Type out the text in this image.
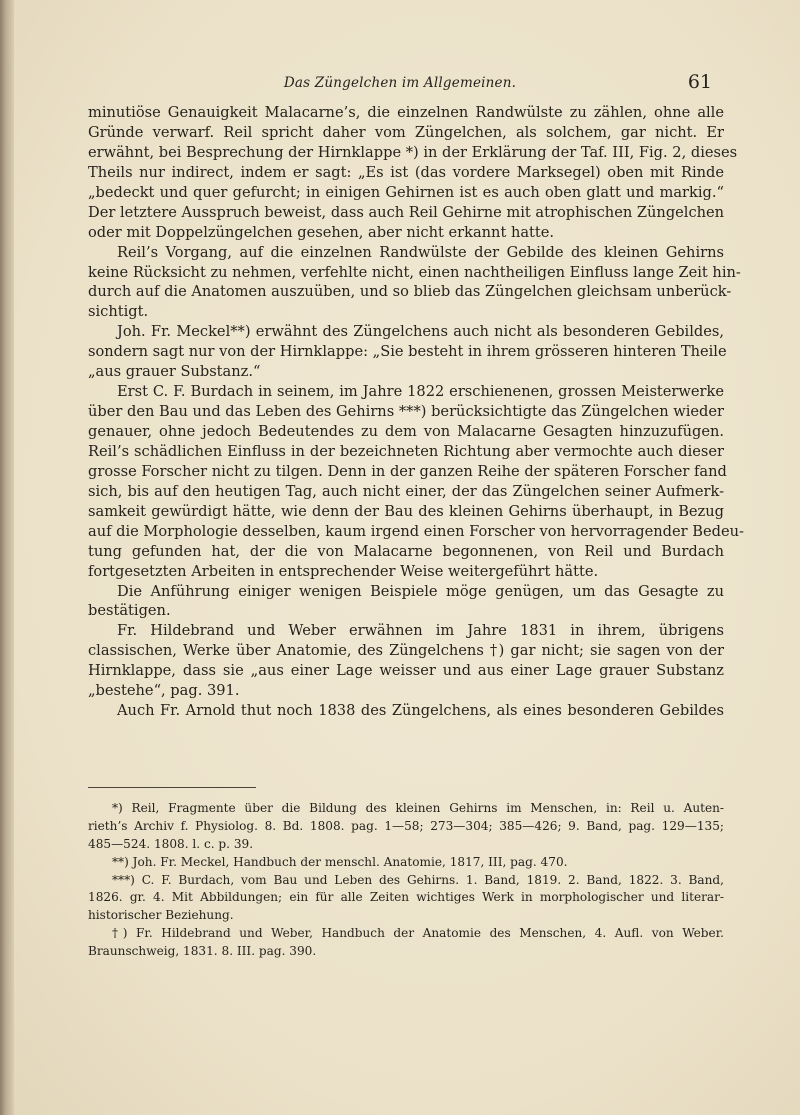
Das Züngelchen im Allgemeinen.	61
minutiöse Genauigkeit Malacarne’s, die einzelnen Randwülste zu zählen, ohne alle
Gründe verwarf. Reil spricht daher vom Züngelchen, als solchem, gar nicht. Er
erwähnt, bei Besprechung der Hirnklappe *) in der Erklärung der Taf. III, Fig. 2, dieses
Theils nur indirect, indem er sagt: „Es ist (das vordere Marksegel) oben mit Rinde
„bedeckt und quer gefurcht; in einigen Gehirnen ist es auch oben glatt und markig.“
Der letztere Ausspruch beweist, dass auch Reil Gehirne mit atrophischen Züngelchen
oder mit Doppelzüngelchen gesehen, aber nicht erkannt hatte.
Reil’s Vorgang, auf die einzelnen Randwülste der Gebilde des kleinen Gehirns
keine Rücksicht zu nehmen, verfehlte nicht, einen nachtheiligen Einfluss lange Zeit hin-
durch auf die Anatomen auszuüben, und so blieb das Züngelchen gleichsam unberück-
sichtigt.
Joh. Fr. Meckel**) erwähnt des Züngelchens auch nicht als besonderen Gebildes,
sondern sagt nur von der Hirnklappe: „Sie besteht in ihrem grösseren hinteren Theile
„aus grauer Substanz.“
Erst C. F. Burdach in seinem, im Jahre 1822 erschienenen, grossen Meisterwerke
über den Bau und das Leben des Gehirns ***) berücksichtigte das Züngelchen wieder
genauer, ohne jedoch Bedeutendes zu dem von Malacarne Gesagten hinzuzufügen.
Reil’s schädlichen Einfluss in der bezeichneten Richtung aber vermochte auch dieser
grosse Forscher nicht zu tilgen. Denn in der ganzen Reihe der späteren Forscher fand
sich, bis auf den heutigen Tag, auch nicht einer, der das Züngelchen seiner Aufmerk-
samkeit gewürdigt hätte, wie denn der Bau des kleinen Gehirns überhaupt, in Bezug
auf die Morphologie desselben, kaum irgend einen Forscher von hervorragender Bedeu-
tung gefunden hat, der die von Malacarne begonnenen, von Reil und Burdach
fortgesetzten Arbeiten in entsprechender Weise weitergeführt hätte.
Die Anführung einiger wenigen Beispiele möge genügen, um das Gesagte zu
bestätigen.
Fr. Hildebrand und Weber erwähnen im Jahre 1831 in ihrem, übrigens
classischen, Werke über Anatomie, des Züngelchens †) gar nicht; sie sagen von der
Hirnklappe, dass sie „aus einer Lage weisser und aus einer Lage grauer Substanz
„bestehe“, pag. 391.
Auch Fr. Arnold thut noch 1838 des Züngelchens, als eines besonderen Gebildes
*) Reil, Fragmente über die Bildung des kleinen Gehirns im Menschen, in: Reil u. Auten-
rieth’s Archiv f. Physiolog. 8. Bd. 1808. pag. 1—58; 273—304; 385—426; 9. Band, pag. 129—135;
485—524. 1808. l. c. p. 39.
**) Joh. Fr. Meckel, Handbuch der menschl. Anatomie, 1817, III, pag. 470.
***) C. F. Burdach, vom Bau und Leben des Gehirns. 1. Band, 1819. 2. Band, 1822. 3. Band,
1826. gr. 4. Mit Abbildungen; ein für alle Zeiten wichtiges Werk in morphologischer und literar-
historischer Beziehung.
†) Fr. Hildebrand und Weber, Handbuch der Anatomie des Menschen, 4. Aufl. von Weber.
Braunschweig, 1831. 8. III. pag. 390.
